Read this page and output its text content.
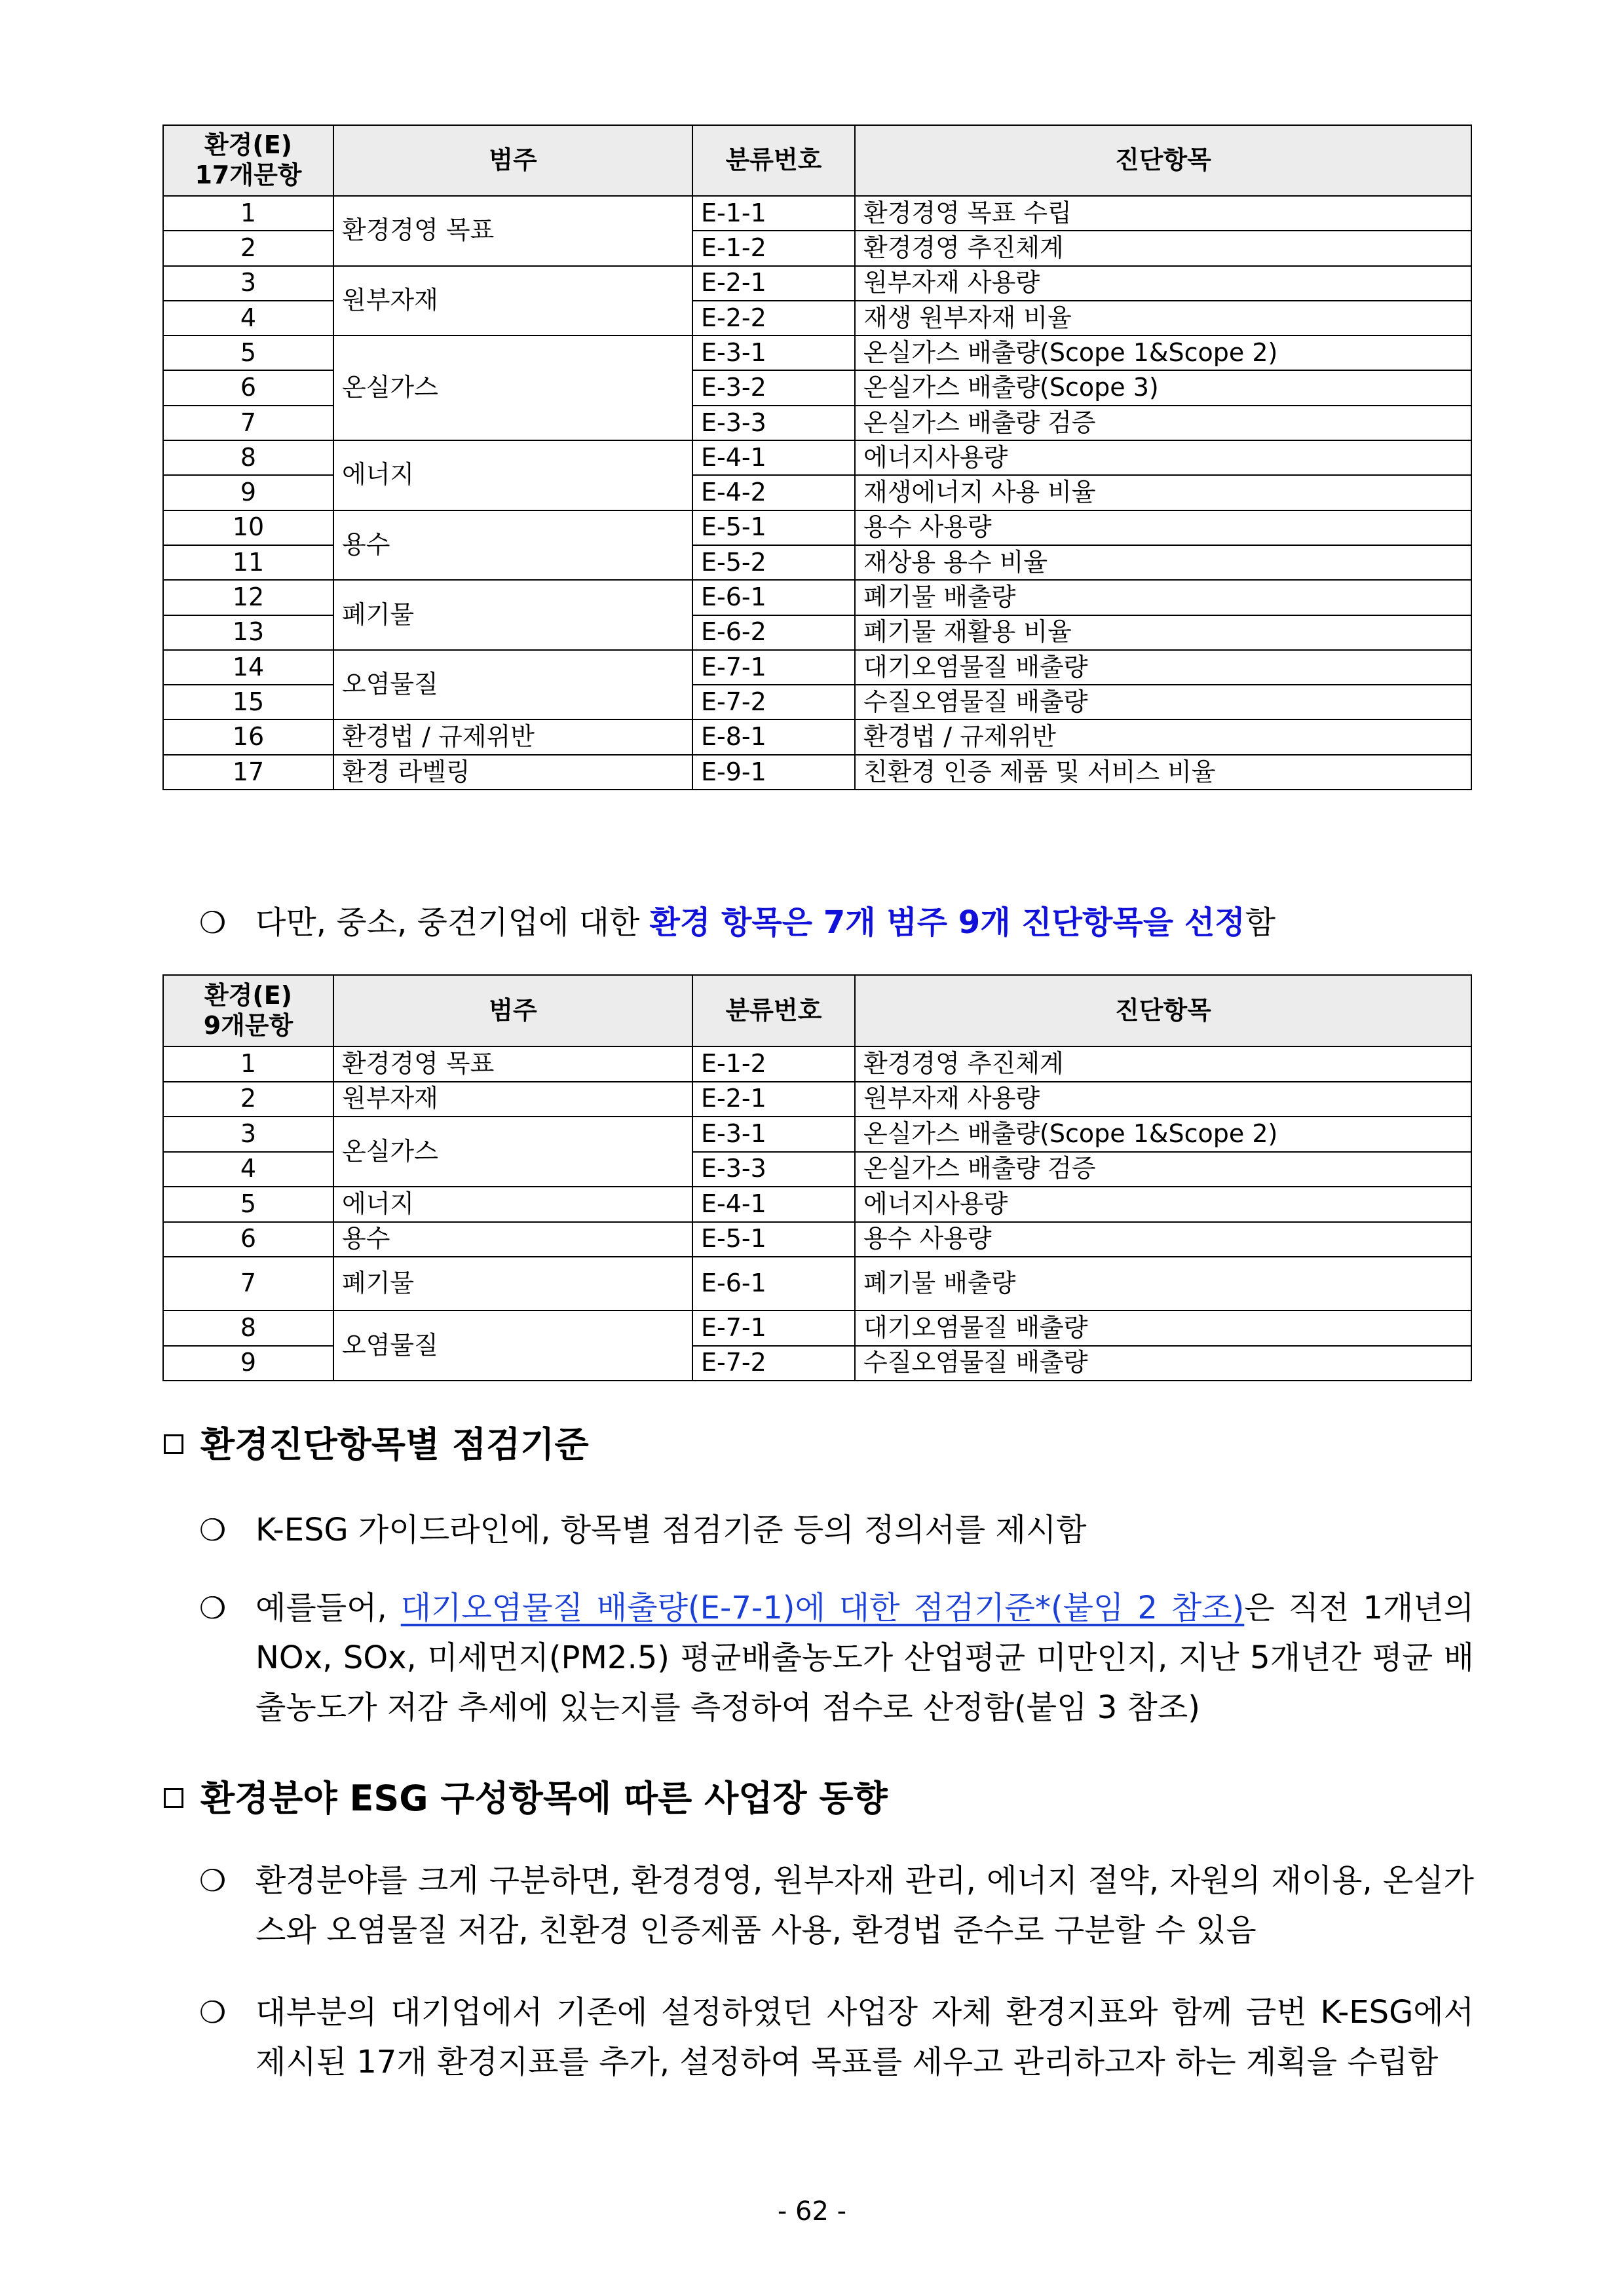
환경(E)
17개문항	범주	분류번호	진단항목
1	환경경영 목표	E-1-1	환경경영 목표 수립
2		E-1-2	환경경영 추진체계
3	원부자재	E-2-1	원부자재 사용량
4		E-2-2	재생 원부자재 비율
5	온실가스	E-3-1	온실가스 배출량(Scope 1&Scope 2)
6		E-3-2	온실가스 배출량(Scope 3)
7		E-3-3	온실가스 배출량 검증
8	에너지	E-4-1	에너지사용량
9		E-4-2	재생에너지 사용 비율
10	용수	E-5-1	용수 사용량
11		E-5-2	재상용 용수 비율
12	폐기물	E-6-1	폐기물 배출량
13		E-6-2	폐기물 재활용 비율
14	오염물질	E-7-1	대기오염물질 배출량
15		E-7-2	수질오염물질 배출량
16	환경법 / 규제위반	E-8-1	환경법 / 규제위반
17	환경 라벨링	E-9-1	친환경 인증 제품 및 서비스 비율
❍ 다만, 중소, 중견기업에 대한 환경 항목은 7개 범주 9개 진단항목을 선정함
환경(E)
9개문항	범주	분류번호	진단항목
1	환경경영 목표	E-1-2	환경경영 추진체계
2	원부자재	E-2-1	원부자재 사용량
3	온실가스	E-3-1	온실가스 배출량(Scope 1&Scope 2)
4		E-3-3	온실가스 배출량 검증
5	에너지	E-4-1	에너지사용량
6	용수	E-5-1	용수 사용량
7	폐기물	E-6-1	폐기물 배출량
8	오염물질	E-7-1	대기오염물질 배출량
9		E-7-2	수질오염물질 배출량
환경진단항목별 점검기준
❍ K-ESG 가이드라인에, 항목별 점검기준 등의 정의서를 제시함
❍ 예를들어, 대기오염물질 배출량(E-7-1)에 대한 점검기준*(붙임 2 참조)은 직전 1개년의 NOx, SOx, 미세먼지(PM2.5) 평균배출농도가 산업평균 미만인지, 지난 5개년간 평균 배출농도가 저감 추세에 있는지를 측정하여 점수로 산정함(붙임 3 참조)
환경분야 ESG 구성항목에 따른 사업장 동향
❍ 환경분야를 크게 구분하면, 환경경영, 원부자재 관리, 에너지 절약, 자원의 재이용, 온실가스와 오염물질 저감, 친환경 인증제품 사용, 환경법 준수로 구분할 수 있음
❍ 대부분의 대기업에서 기존에 설정하였던 사업장 자체 환경지표와 함께 금번 K-ESG에서 제시된 17개 환경지표를 추가, 설정하여 목표를 세우고 관리하고자 하는 계획을 수립함
- 62 -
